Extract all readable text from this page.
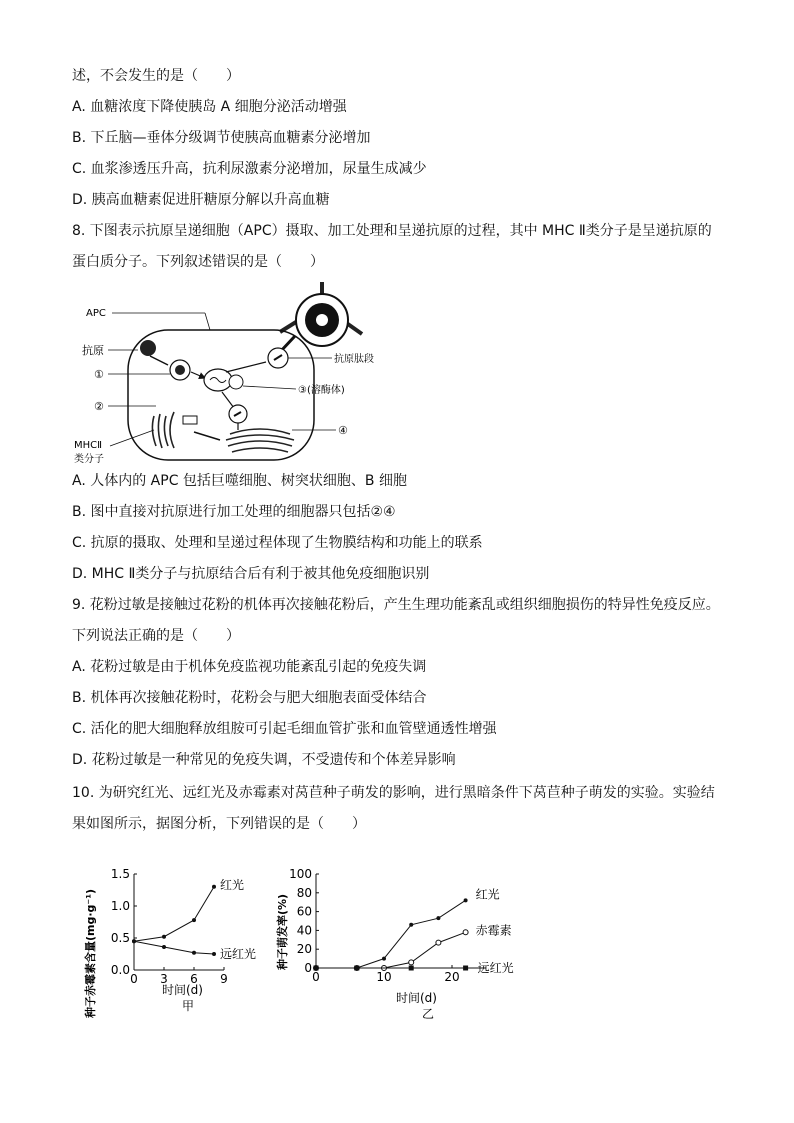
述，不会发生的是（　　）
A. 血糖浓度下降使胰岛 A 细胞分泌活动增强
B. 下丘脑—垂体分级调节使胰高血糖素分泌增加
C. 血浆渗透压升高，抗利尿激素分泌增加，尿量生成减少
D. 胰高血糖素促进肝糖原分解以升高血糖
8. 下图表示抗原呈递细胞（APC）摄取、加工处理和呈递抗原的过程，其中 MHC Ⅱ类分子是呈递抗原的
蛋白质分子。下列叙述错误的是（　　）
A. 人体内的 APC 包括巨噬细胞、树突状细胞、B 细胞
B. 图中直接对抗原进行加工处理的细胞器只包括②④
C. 抗原的摄取、处理和呈递过程体现了生物膜结构和功能上的联系
D. MHC Ⅱ类分子与抗原结合后有利于被其他免疫细胞识别
9. 花粉过敏是接触过花粉的机体再次接触花粉后，产生生理功能紊乱或组织细胞损伤的特异性免疫反应。
下列说法正确的是（　　）
A. 花粉过敏是由于机体免疫监视功能紊乱引起的免疫失调
B. 机体再次接触花粉时，花粉会与肥大细胞表面受体结合
C. 活化的肥大细胞释放组胺可引起毛细血管扩张和血管壁通透性增强
D. 花粉过敏是一种常见的免疫失调，不受遗传和个体差异影响
10. 为研究红光、远红光及赤霉素对莴苣种子萌发的影响，进行黑暗条件下莴苣种子萌发的实验。实验结
果如图所示，据图分析，下列错误的是（　　）
APC
抗原
①
③(溶酶体)
抗原肽段
②
MHCⅡ
类分子
④
种子赤霉素含量(mg·g⁻¹)	时间(d)
甲
0 3 6 9
0.0
0.5
1.0
1.5
红光
远红光 种子萌发率(%)
时间(d)
乙
0	10	20
20
40
60
80
100
0
红光
赤霉素
远红光
